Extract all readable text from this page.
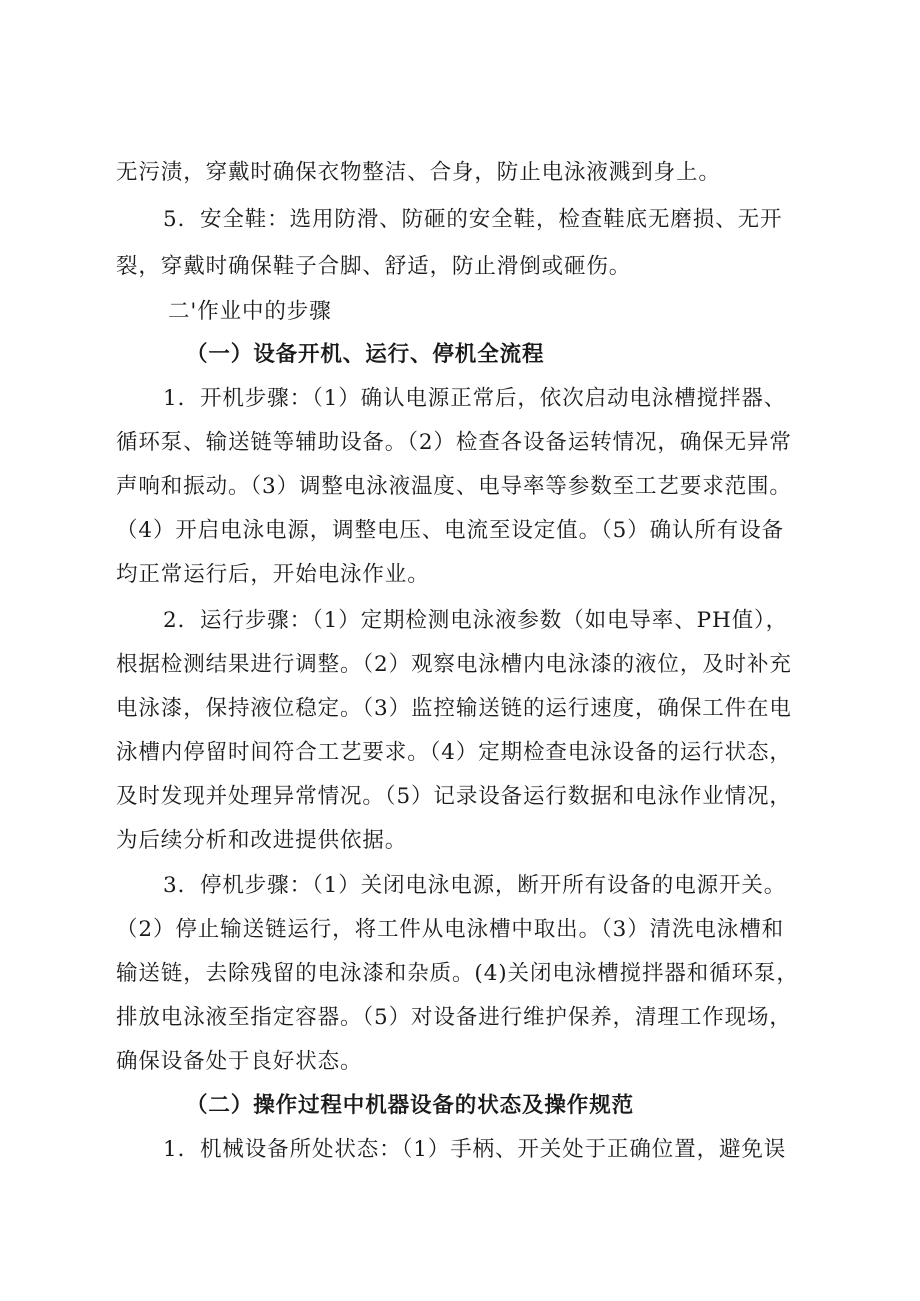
无污渍，穿戴时确保衣物整洁、合身，防止电泳液溅到身上。
5．安全鞋：选用防滑、防砸的安全鞋，检查鞋底无磨损、无开
裂，穿戴时确保鞋子合脚、舒适，防止滑倒或砸伤。
二'作业中的步骤
（一）设备开机、运行、停机全流程
1．开机步骤：（1）确认电源正常后，依次启动电泳槽搅拌器、
循环泵、输送链等辅助设备。（2）检查各设备运转情况，确保无异常
声响和振动。（3）调整电泳液温度、电导率等参数至工艺要求范围。
（4）开启电泳电源，调整电压、电流至设定值。（5）确认所有设备
均正常运行后，开始电泳作业。
2．运行步骤：（1）定期检测电泳液参数（如电导率、PH值），
根据检测结果进行调整。（2）观察电泳槽内电泳漆的液位，及时补充
电泳漆，保持液位稳定。（3）监控输送链的运行速度，确保工件在电
泳槽内停留时间符合工艺要求。（4）定期检查电泳设备的运行状态，
及时发现并处理异常情况。（5）记录设备运行数据和电泳作业情况，
为后续分析和改进提供依据。
3．停机步骤：（1）关闭电泳电源，断开所有设备的电源开关。
（2）停止输送链运行，将工件从电泳槽中取出。（3）清洗电泳槽和
输送链，去除残留的电泳漆和杂质。(4)关闭电泳槽搅拌器和循环泵，
排放电泳液至指定容器。（5）对设备进行维护保养，清理工作现场，
确保设备处于良好状态。
（二）操作过程中机器设备的状态及操作规范
1．机械设备所处状态：（1）手柄、开关处于正确位置，避免误
